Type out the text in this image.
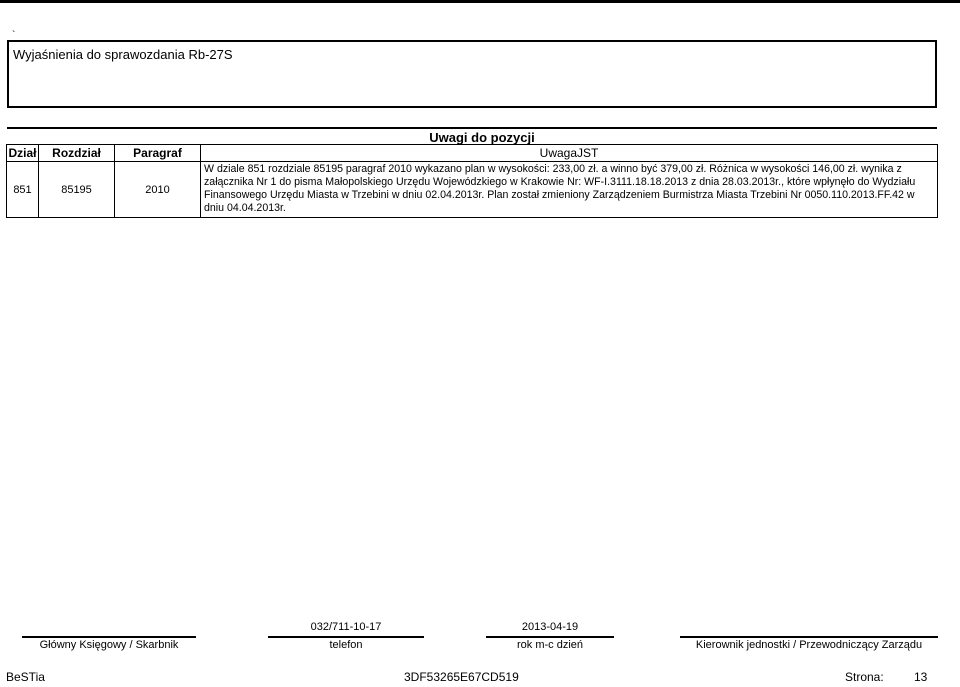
`
Wyjaśnienia do sprawozdania Rb-27S
Uwagi do pozycji
Dział	Rozdział	Paragraf	UwagaJST
851	85195	2010	W dziale 851 rozdziale 85195 paragraf 2010 wykazano plan w wysokości: 233,00 zł. a winno być 379,00 zł. Różnica w wysokości 146,00 zł. wynika z załącznika Nr 1 do pisma Małopolskiego Urzędu Wojewódzkiego w Krakowie Nr: WF-I.3111.18.18.2013 z dnia 28.03.2013r., które wpłynęło do Wydziału Finansowego Urzędu Miasta w Trzebini w dniu 02.04.2013r. Plan został zmieniony Zarządzeniem Burmistrza Miasta Trzebini Nr 0050.110.2013.FF.42 w dniu 04.04.2013r.
Główny Księgowy / Skarbnik
032/711-10-17
telefon
2013-04-19
rok m-c dzień	Kierownik jednostki / Przewodniczący Zarządu
BeSTia	3DF53265E67CD519	Strona:	13
